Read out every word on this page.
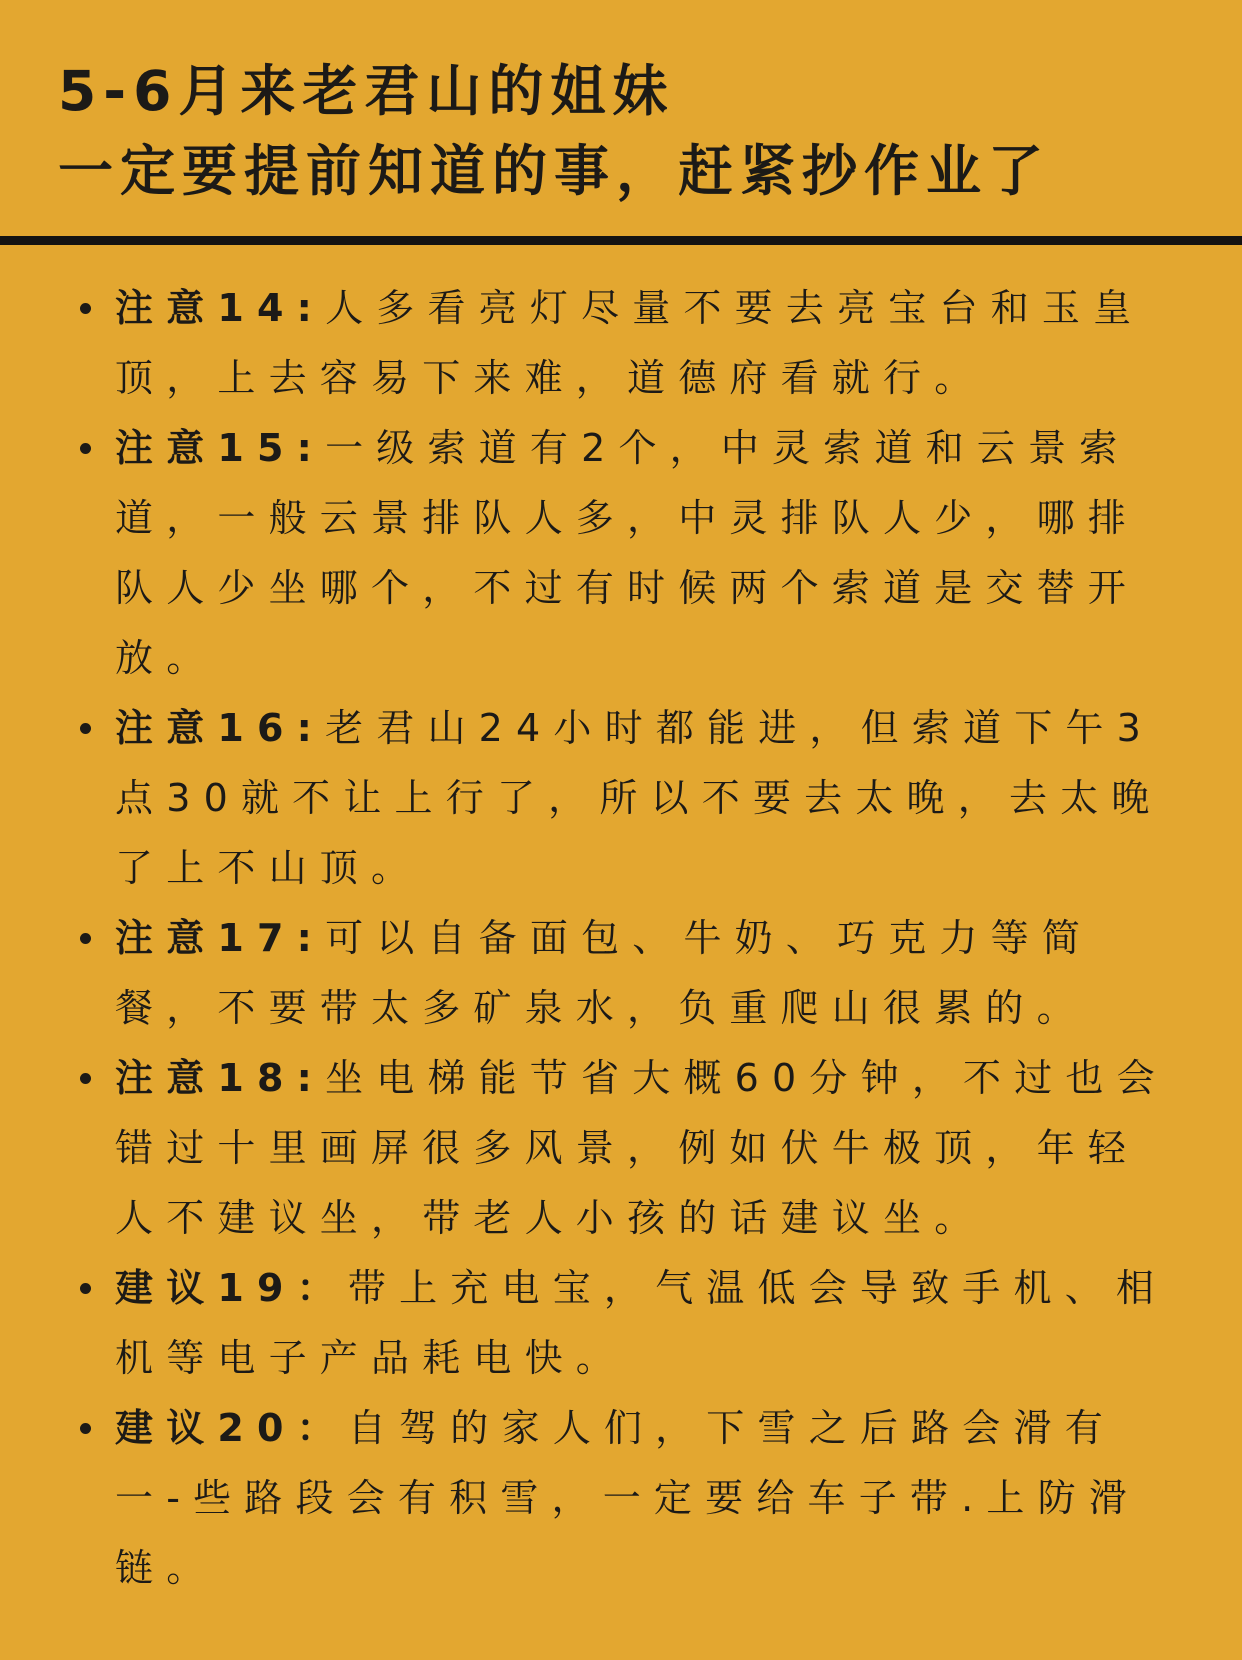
5-6月来老君山的姐妹
一定要提前知道的事，赶紧抄作业了
注意14:人多看亮灯尽量不要去亮宝台和玉皇顶，上去容易下来难，道德府看就行。
注意15:一级索道有2个，中灵索道和云景索道，一般云景排队人多，中灵排队人少，哪排队人少坐哪个，不过有时候两个索道是交替开放。
注意16:老君山24小时都能进，但索道下午3点30就不让上行了，所以不要去太晚，去太晚了上不山顶。
注意17:可以自备面包、牛奶、巧克力等简餐，不要带太多矿泉水，负重爬山很累的。
注意18:坐电梯能节省大概60分钟，不过也会错过十里画屏很多风景，例如伏牛极顶，年轻人不建议坐，带老人小孩的话建议坐。
建议19：带上充电宝，气温低会导致手机、相机等电子产品耗电快。
建议20：自驾的家人们，下雪之后路会滑有一-些路段会有积雪，一定要给车子带.上防滑链。
